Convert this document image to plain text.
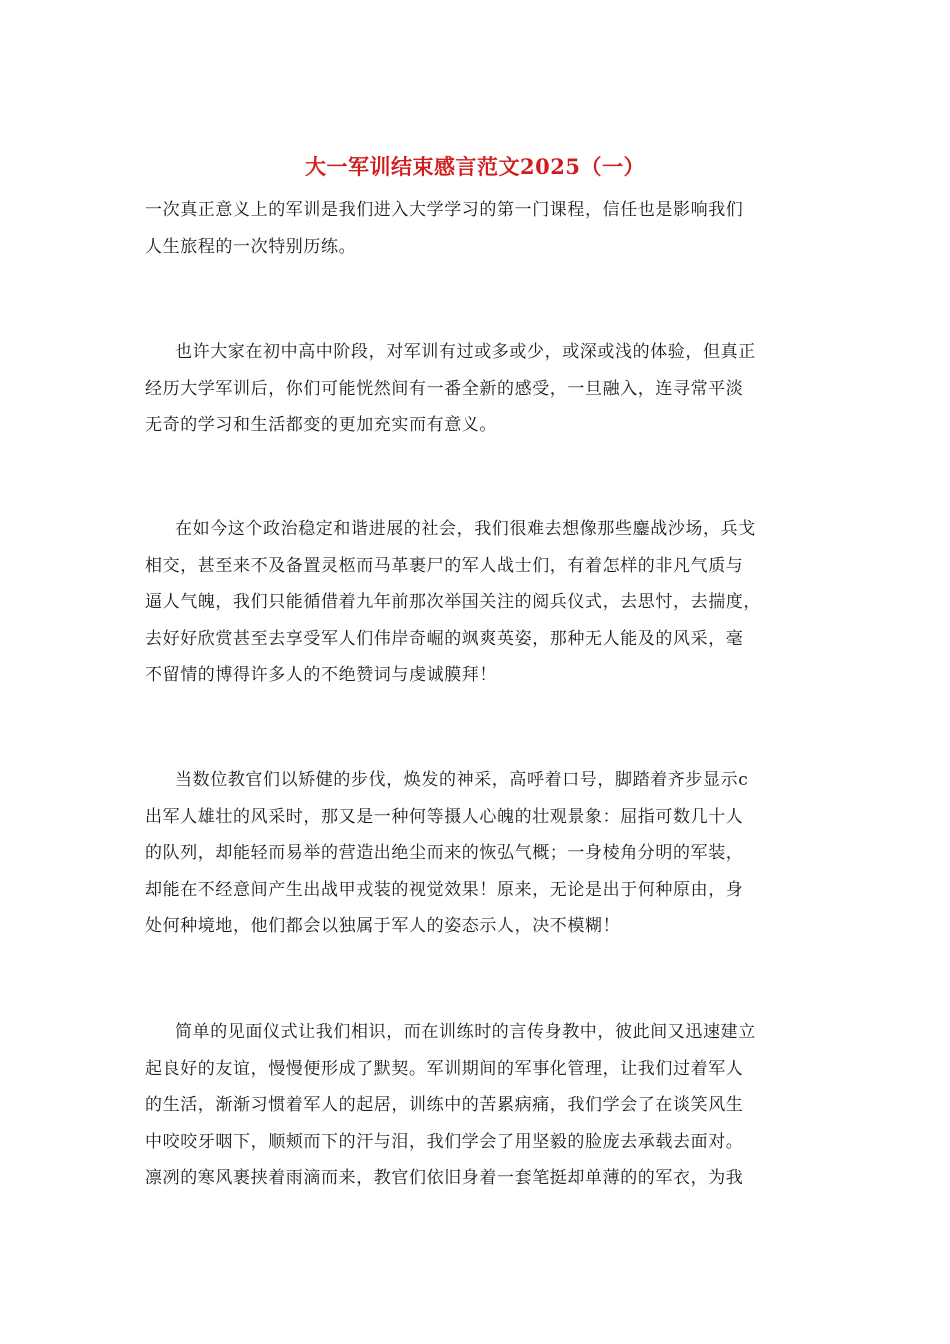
大一军训结束感言范文2025（一）

一次真正意义上的军训是我们进入大学学习的第一门课程，信任也是影响我们
人生旅程的一次特别历练。

也许大家在初中高中阶段，对军训有过或多或少，或深或浅的体验，但真正
经历大学军训后，你们可能恍然间有一番全新的感受，一旦融入，连寻常平淡
无奇的学习和生活都变的更加充实而有意义。

在如今这个政治稳定和谐进展的社会，我们很难去想像那些鏖战沙场，兵戈
相交，甚至来不及备置灵柩而马革裹尸的军人战士们，有着怎样的非凡气质与
逼人气魄，我们只能循借着九年前那次举国关注的阅兵仪式，去思忖，去揣度，
去好好欣赏甚至去享受军人们伟岸奇崛的飒爽英姿，那种无人能及的风采，毫
不留情的博得许多人的不绝赞词与虔诚膜拜！

当数位教官们以矫健的步伐，焕发的神采，高呼着口号，脚踏着齐步显示c
出军人雄壮的风采时，那又是一种何等摄人心魄的壮观景象：屈指可数几十人
的队列，却能轻而易举的营造出绝尘而来的恢弘气概；一身棱角分明的军装，
却能在不经意间产生出战甲戎装的视觉效果！原来，无论是出于何种原由，身
处何种境地，他们都会以独属于军人的姿态示人，决不模糊！

简单的见面仪式让我们相识，而在训练时的言传身教中，彼此间又迅速建立
起良好的友谊，慢慢便形成了默契。军训期间的军事化管理，让我们过着军人
的生活，渐渐习惯着军人的起居，训练中的苦累病痛，我们学会了在谈笑风生
中咬咬牙咽下，顺颊而下的汗与泪，我们学会了用坚毅的脸庞去承载去面对。
凛冽的寒风裹挟着雨滴而来，教官们依旧身着一套笔挺却单薄的的军衣，为我
